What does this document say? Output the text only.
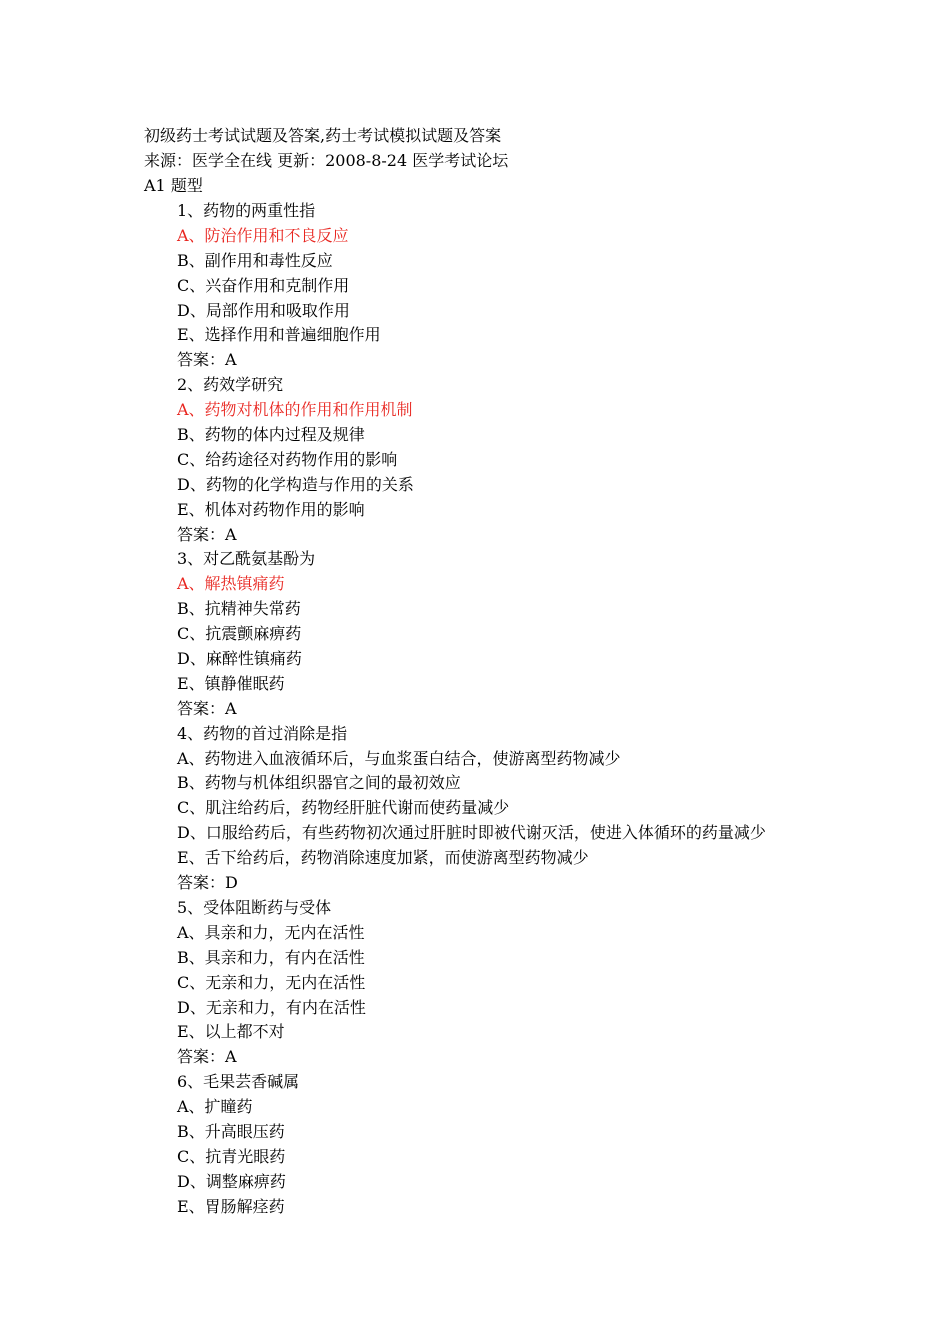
初级药士考试试题及答案,药士考试模拟试题及答案
来源：医学全在线 更新：2008-8-24 医学考试论坛
A1 题型
1、药物的两重性指
A、防治作用和不良反应
B、副作用和毒性反应
C、兴奋作用和克制作用
D、局部作用和吸取作用
E、选择作用和普遍细胞作用
答案：A
2、药效学研究
A、药物对机体的作用和作用机制
B、药物的体内过程及规律
C、给药途径对药物作用的影响
D、药物的化学构造与作用的关系
E、机体对药物作用的影响
答案：A
3、对乙酰氨基酚为
A、解热镇痛药
B、抗精神失常药
C、抗震颤麻痹药
D、麻醉性镇痛药
E、镇静催眠药
答案：A
4、药物的首过消除是指
A、药物进入血液循环后，与血浆蛋白结合，使游离型药物减少
B、药物与机体组织器官之间的最初效应
C、肌注给药后，药物经肝脏代谢而使药量减少
D、口服给药后，有些药物初次通过肝脏时即被代谢灭活，使进入体循环的药量减少
E、舌下给药后，药物消除速度加紧，而使游离型药物减少
答案：D
5、受体阻断药与受体
A、具亲和力，无内在活性
B、具亲和力，有内在活性
C、无亲和力，无内在活性
D、无亲和力，有内在活性
E、以上都不对
答案：A
6、毛果芸香碱属
A、扩瞳药
B、升高眼压药
C、抗青光眼药
D、调整麻痹药
E、胃肠解痉药
